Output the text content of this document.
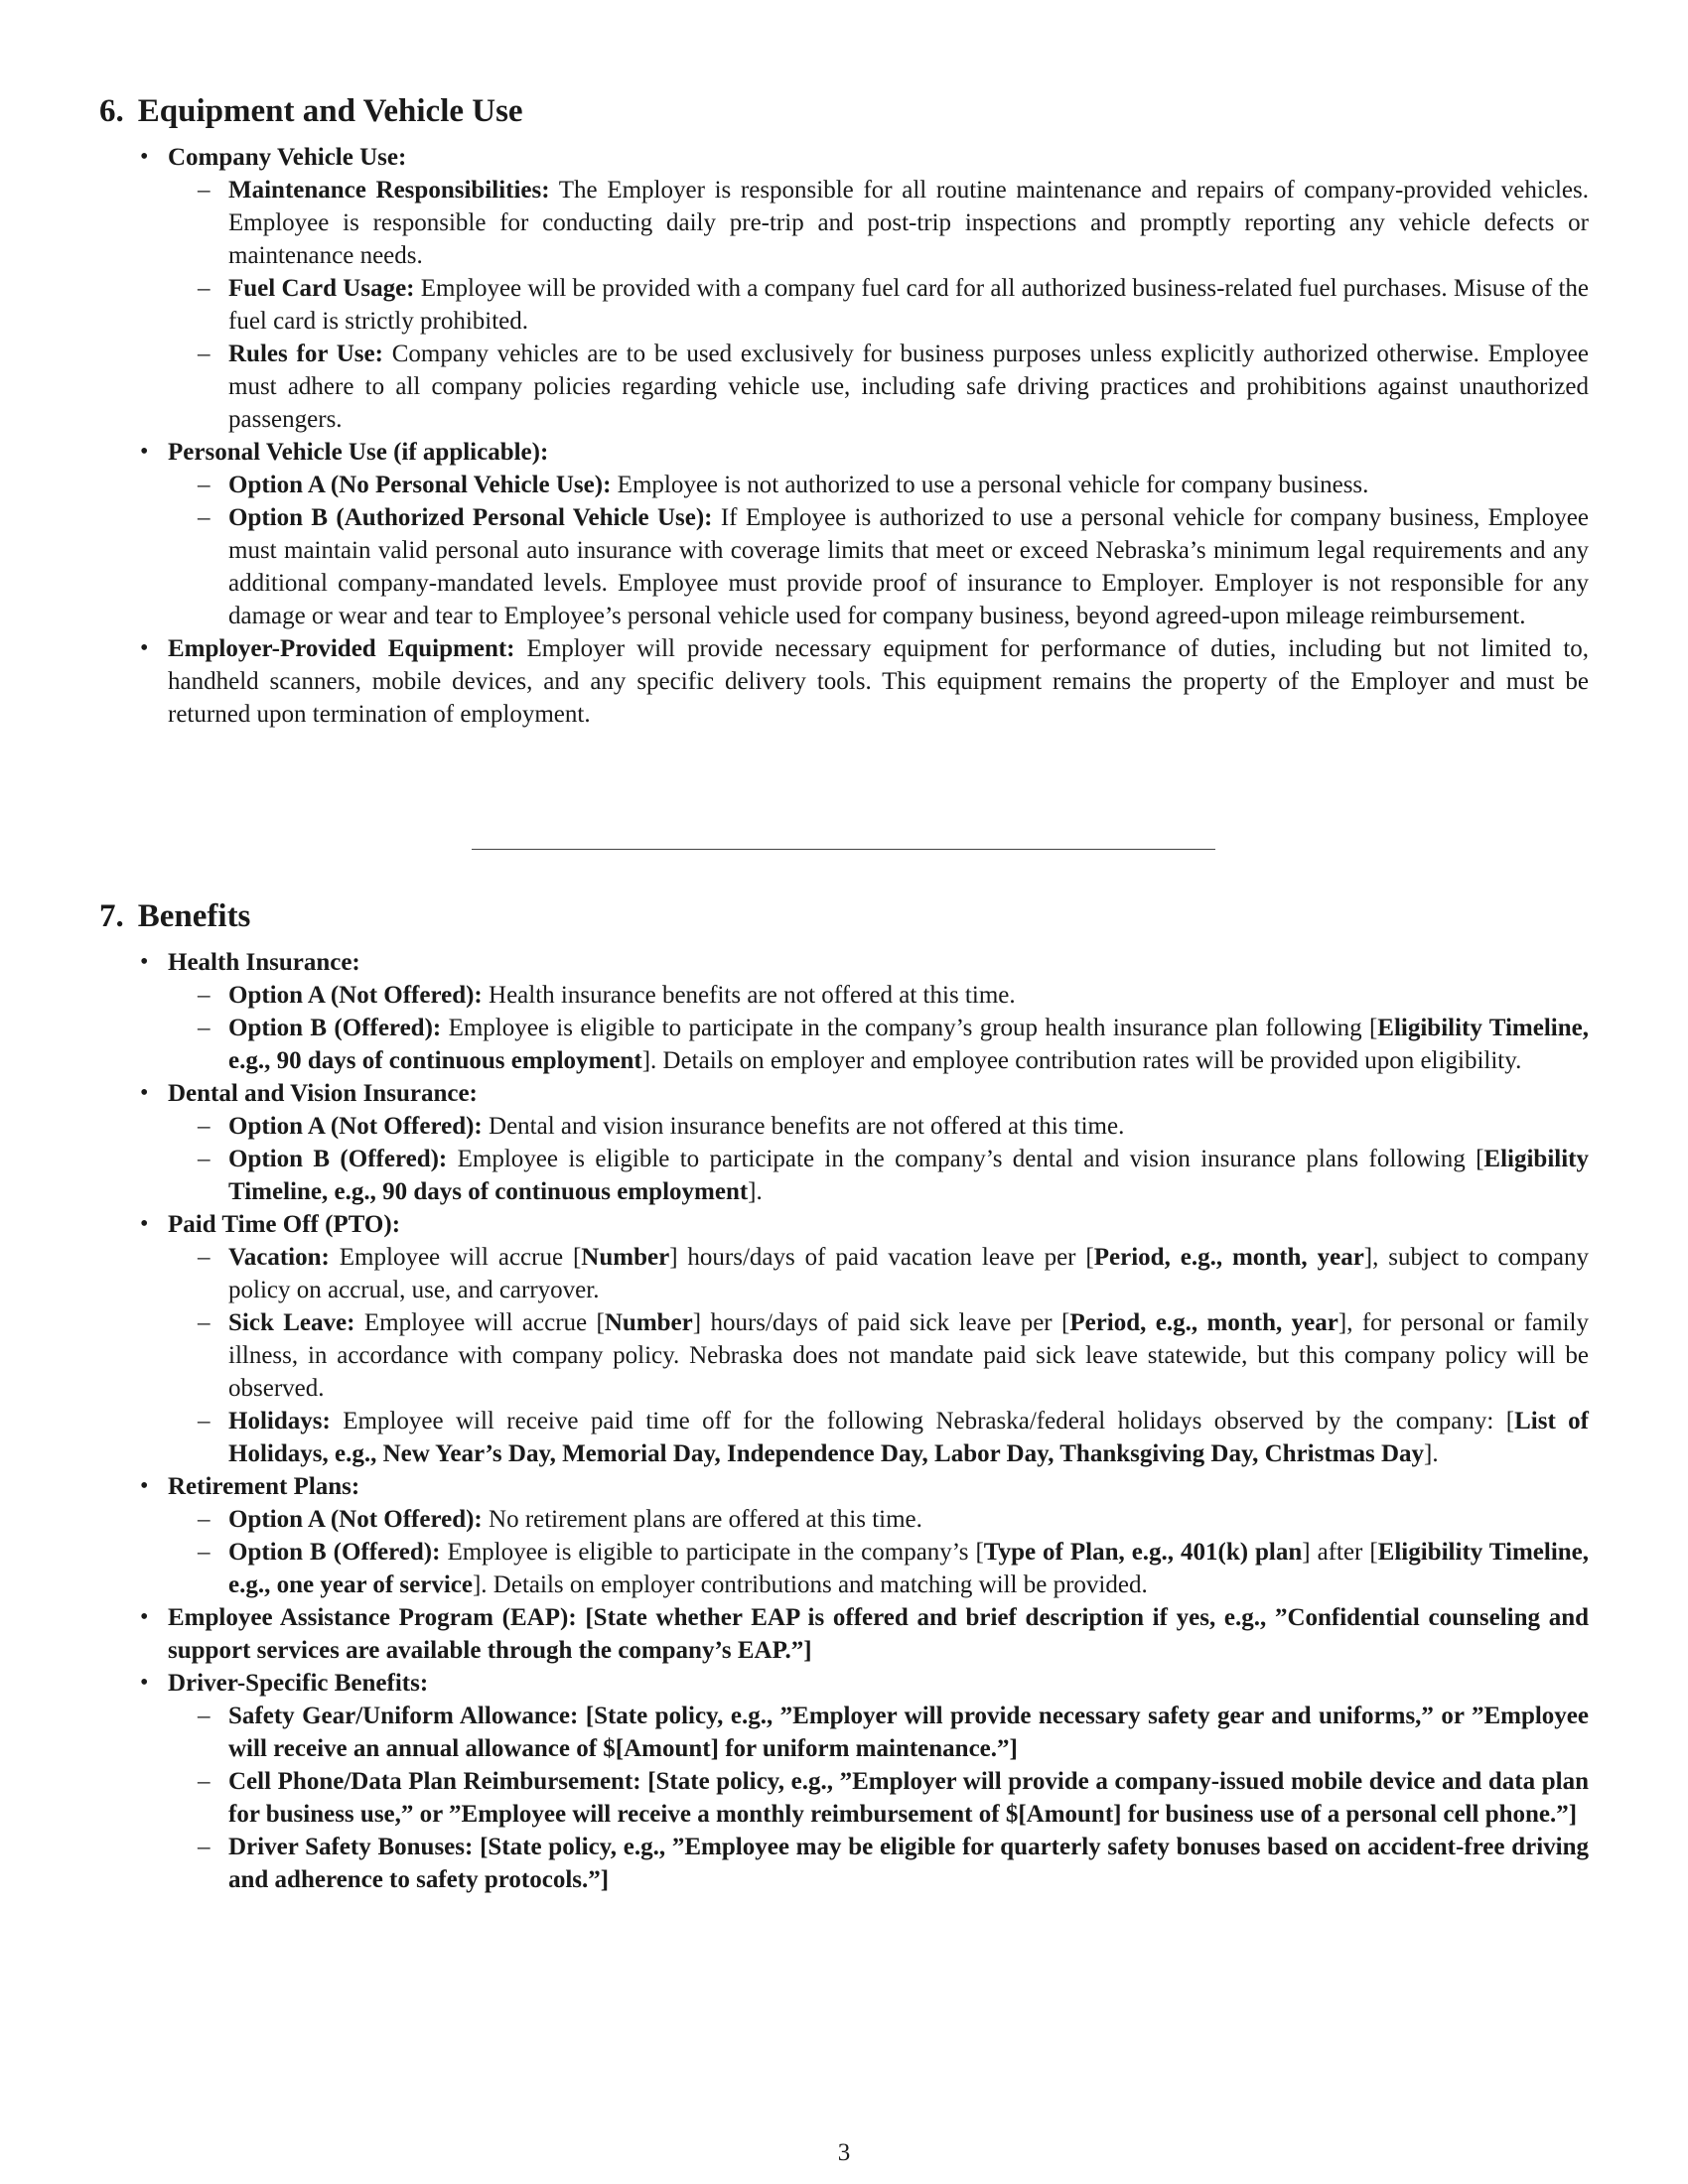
6. Equipment and Vehicle Use
• Company Vehicle Use:
– Maintenance Responsibilities: The Employer is responsible for all routine maintenance and repairs of company-provided vehicles. Employee is responsible for conducting daily pre-trip and post-trip inspections and promptly reporting any vehicle defects or maintenance needs.
– Fuel Card Usage: Employee will be provided with a company fuel card for all authorized business-related fuel purchases. Misuse of the fuel card is strictly prohibited.
– Rules for Use: Company vehicles are to be used exclusively for business purposes unless explicitly authorized otherwise. Employee must adhere to all company policies regarding vehicle use, including safe driving practices and prohibitions against unauthorized passengers.
• Personal Vehicle Use (if applicable):
– Option A (No Personal Vehicle Use): Employee is not authorized to use a personal vehicle for company business.
– Option B (Authorized Personal Vehicle Use): If Employee is authorized to use a personal vehicle for company business, Employee must maintain valid personal auto insurance with coverage limits that meet or exceed Nebraska’s minimum legal requirements and any additional company-mandated levels. Employee must provide proof of insurance to Employer. Employer is not responsible for any damage or wear and tear to Employee’s personal vehicle used for company business, beyond agreed-upon mileage reimbursement.
• Employer-Provided Equipment: Employer will provide necessary equipment for performance of duties, including but not limited to, handheld scanners, mobile devices, and any specific delivery tools. This equipment remains the property of the Employer and must be returned upon termination of employment.
7. Benefits
• Health Insurance:
– Option A (Not Offered): Health insurance benefits are not offered at this time.
– Option B (Offered): Employee is eligible to participate in the company’s group health insurance plan following [Eligibility Timeline, e.g., 90 days of continuous employment]. Details on employer and employee contribution rates will be provided upon eligibility.
• Dental and Vision Insurance:
– Option A (Not Offered): Dental and vision insurance benefits are not offered at this time.
– Option B (Offered): Employee is eligible to participate in the company’s dental and vision insurance plans following [Eligibility Timeline, e.g., 90 days of continuous employment].
• Paid Time Off (PTO):
– Vacation: Employee will accrue [Number] hours/days of paid vacation leave per [Period, e.g., month, year], subject to company policy on accrual, use, and carryover.
– Sick Leave: Employee will accrue [Number] hours/days of paid sick leave per [Period, e.g., month, year], for personal or family illness, in accordance with company policy. Nebraska does not mandate paid sick leave statewide, but this company policy will be observed.
– Holidays: Employee will receive paid time off for the following Nebraska/federal holidays observed by the company: [List of Holidays, e.g., New Year’s Day, Memorial Day, Independence Day, Labor Day, Thanksgiving Day, Christmas Day].
• Retirement Plans:
– Option A (Not Offered): No retirement plans are offered at this time.
– Option B (Offered): Employee is eligible to participate in the company’s [Type of Plan, e.g., 401(k) plan] after [Eligibility Timeline, e.g., one year of service]. Details on employer contributions and matching will be provided.
• Employee Assistance Program (EAP): [State whether EAP is offered and brief description if yes, e.g., ”Confidential counseling and support services are available through the company’s EAP.”]
• Driver-Specific Benefits:
– Safety Gear/Uniform Allowance: [State policy, e.g., ”Employer will provide necessary safety gear and uniforms,” or ”Employee will receive an annual allowance of $[Amount] for uniform maintenance.”]
– Cell Phone/Data Plan Reimbursement: [State policy, e.g., ”Employer will provide a company-issued mobile device and data plan for business use,” or ”Employee will receive a monthly reimbursement of $[Amount] for business use of a personal cell phone.”]
– Driver Safety Bonuses: [State policy, e.g., ”Employee may be eligible for quarterly safety bonuses based on accident-free driving and adherence to safety protocols.”]
3
